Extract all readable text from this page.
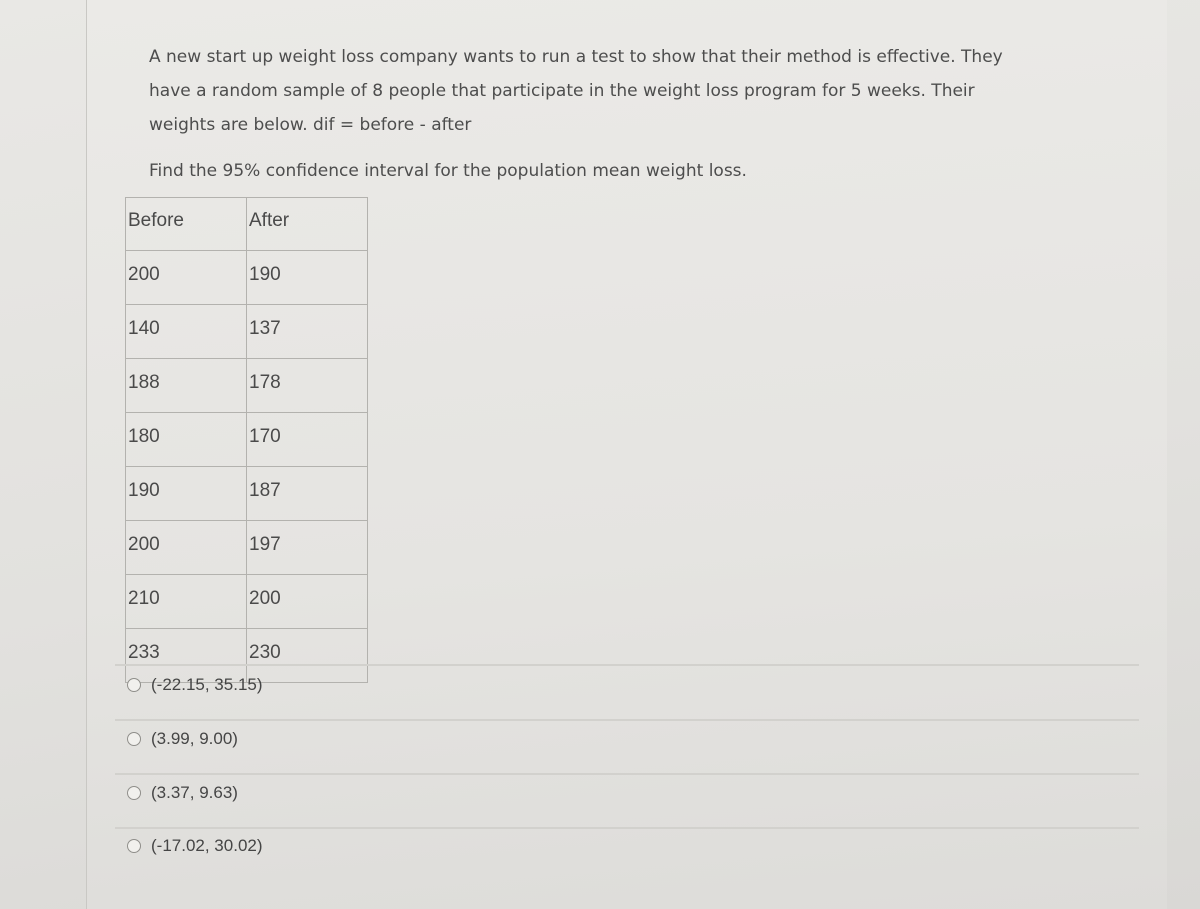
A new start up weight loss company wants to run a test to show that their method is effective. They

have a random sample of 8 people that participate in the weight loss program for 5 weeks. Their

weights are below. dif = before - after

Find the 95% confidence interval for the population mean weight loss.

Before	After
200	190
140	137
188	178
180	170
190	187
200	197
210	200
233	230
(-22.15, 35.15)
(3.99, 9.00)
(3.37, 9.63)
(-17.02, 30.02)
